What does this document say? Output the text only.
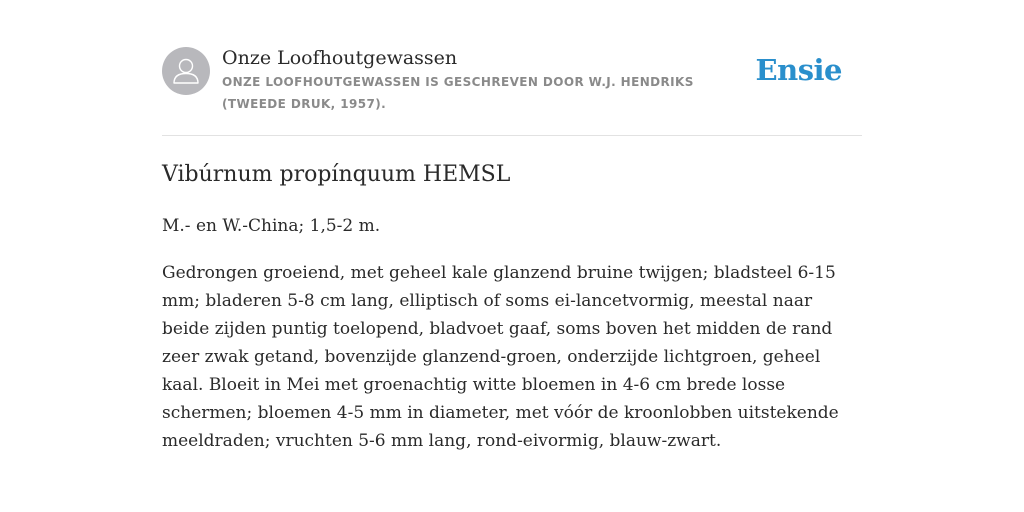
Onze Loofhoutgewassen
ONZE LOOFHOUTGEWASSEN IS GESCHREVEN DOOR W.J. HENDRIKS (TWEEDE DRUK, 1957).
Ensie
Vibúrnum propínquum HEMSL

M.- en W.-China; 1,5-2 m.

Gedrongen groeiend, met geheel kale glanzend bruine twijgen; bladsteel 6-15 mm; bladeren 5-8 cm lang, elliptisch of soms ei-lancetvormig, meestal naar beide zijden puntig toelopend, bladvoet gaaf, soms boven het midden de rand zeer zwak getand, bovenzijde glanzend-groen, onderzijde lichtgroen, geheel kaal. Bloeit in Mei met groenachtig witte bloemen in 4-6 cm brede losse schermen; bloemen 4-5 mm in diameter, met vóór de kroonlobben uitstekende meeldraden; vruchten 5-6 mm lang, rond-eivormig, blauw-zwart.
